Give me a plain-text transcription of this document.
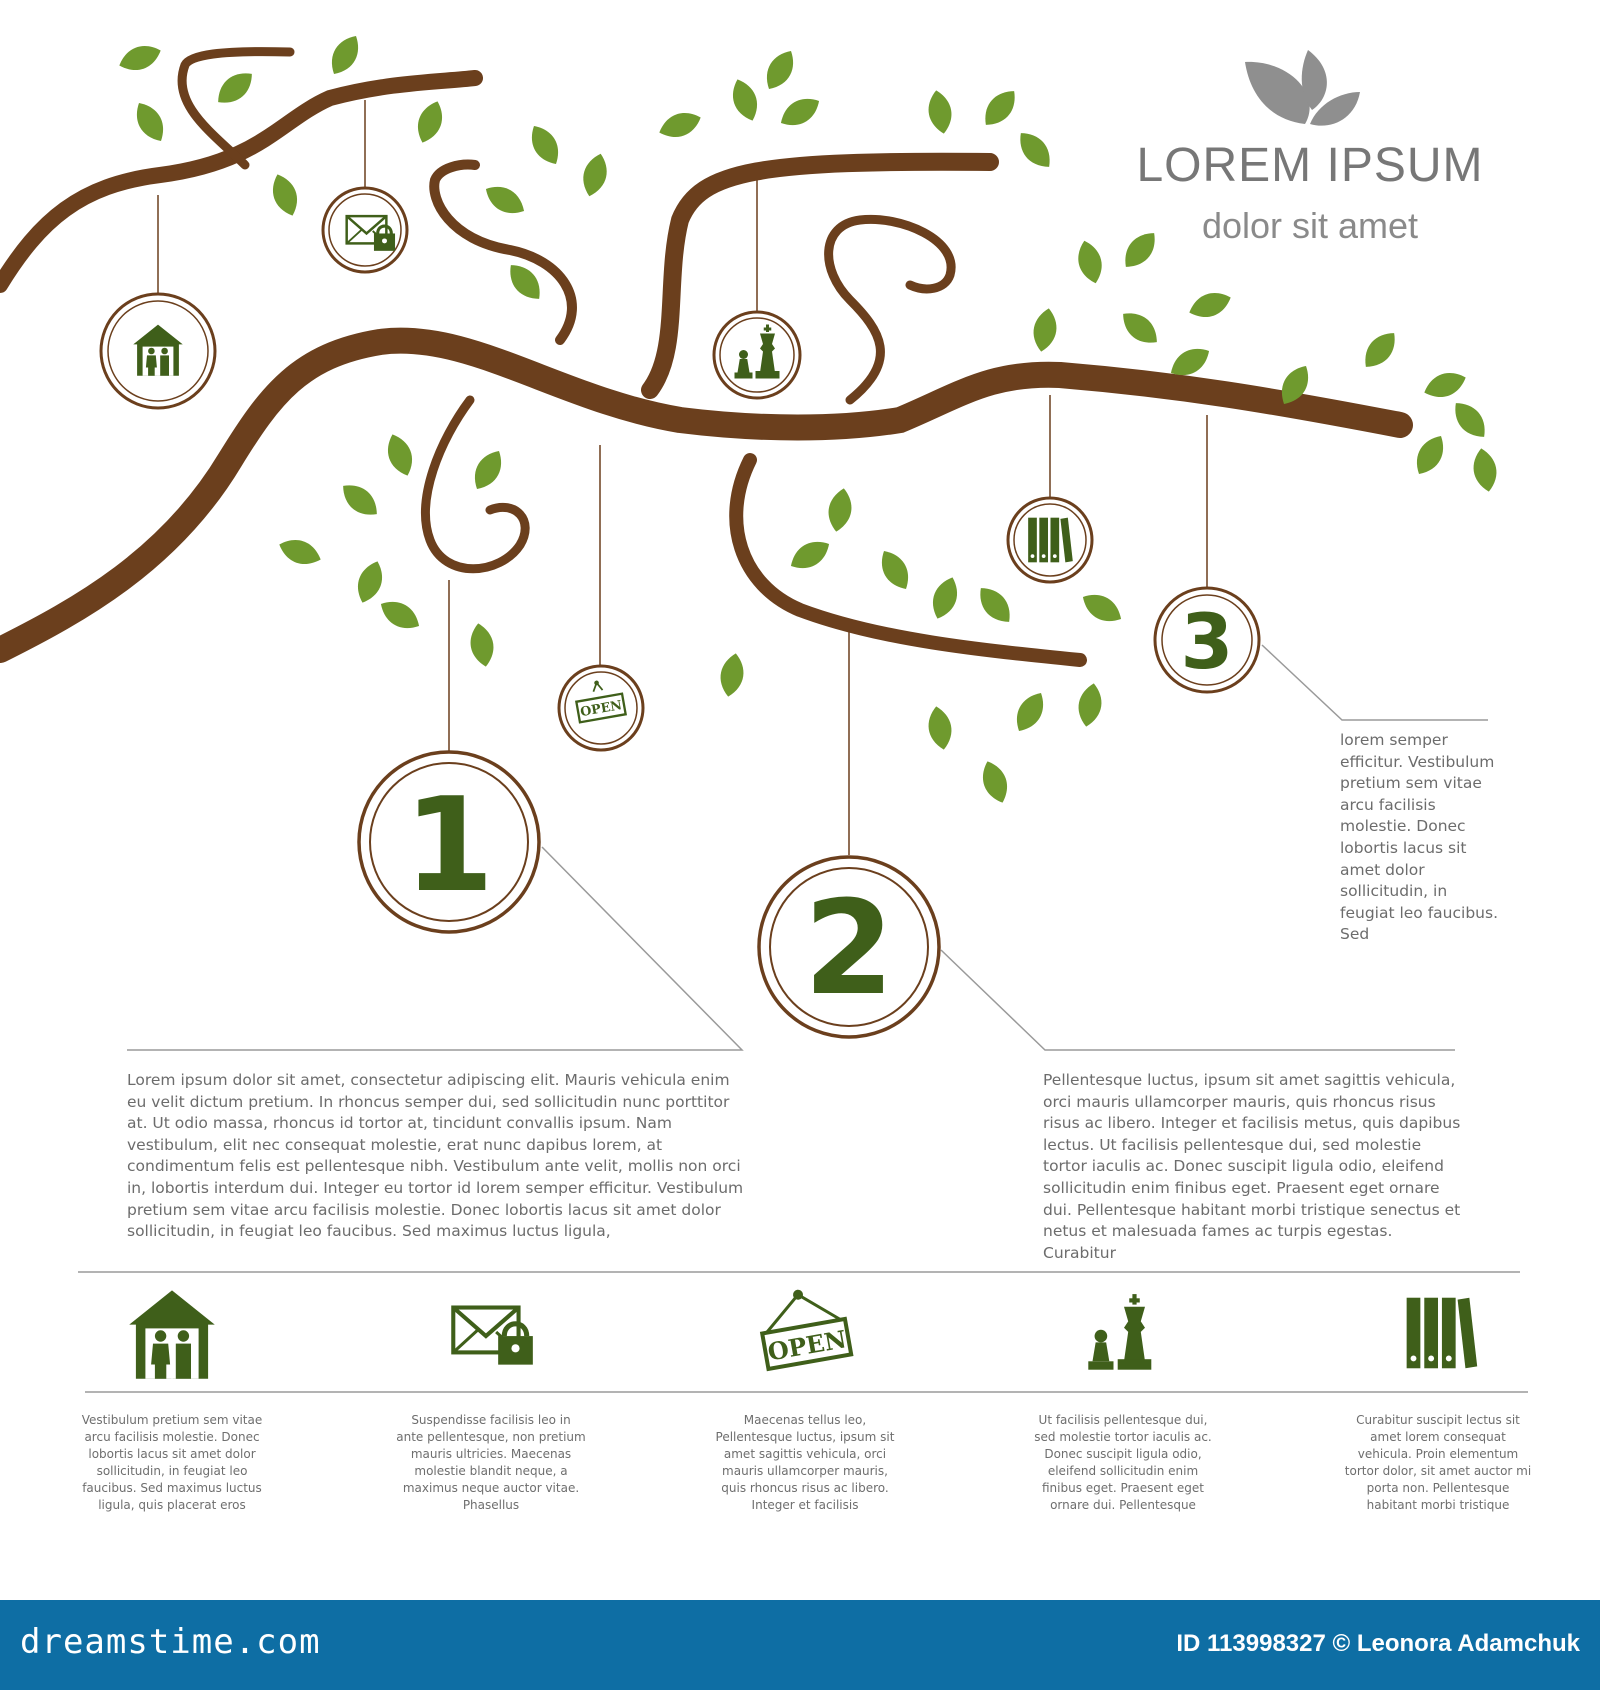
OPEN
1
2
3
OPEN
LOREM IPSUM
dolor sit amet
Lorem ipsum dolor sit amet, consectetur adipiscing elit. Mauris vehicula enim eu velit dictum pretium. In rhoncus semper dui, sed sollicitudin nunc porttitor at. Ut odio massa, rhoncus id tortor at, tincidunt convallis ipsum. Nam vestibulum, elit nec consequat molestie, erat nunc dapibus lorem, at condimentum felis est pellentesque nibh. Vestibulum ante velit, mollis non orci in, lobortis interdum dui. Integer eu tortor id lorem semper efficitur. Vestibulum pretium sem vitae arcu facilisis molestie. Donec lobortis lacus sit amet dolor sollicitudin, in feugiat leo faucibus. Sed maximus luctus ligula,
Pellentesque luctus, ipsum sit amet sagittis vehicula, orci mauris ullamcorper mauris, quis rhoncus risus risus ac libero. Integer et facilisis metus, quis dapibus lectus. Ut facilisis pellentesque dui, sed molestie tortor iaculis ac. Donec suscipit ligula odio, eleifend sollicitudin enim finibus eget. Praesent eget ornare dui. Pellentesque habitant morbi tristique senectus et netus et malesuada fames ac turpis egestas. Curabitur
lorem semper efficitur. Vestibulum pretium sem vitae arcu facilisis molestie. Donec lobortis lacus sit amet dolor sollicitudin, in feugiat leo faucibus. Sed
Vestibulum pretium sem vitae arcu facilisis molestie. Donec lobortis lacus sit amet dolor sollicitudin, in feugiat leo faucibus. Sed maximus luctus ligula, quis placerat eros
Suspendisse facilisis leo in ante pellentesque, non pretium mauris ultricies. Maecenas molestie blandit neque, a maximus neque auctor vitae. Phasellus
Maecenas tellus leo, Pellentesque luctus, ipsum sit amet sagittis vehicula, orci mauris ullamcorper mauris, quis rhoncus risus ac libero. Integer et facilisis
Ut facilisis pellentesque dui, sed molestie tortor iaculis ac. Donec suscipit ligula odio, eleifend sollicitudin enim finibus eget. Praesent eget ornare dui. Pellentesque
Curabitur suscipit lectus sit amet lorem consequat vehicula. Proin elementum tortor dolor, sit amet auctor mi porta non. Pellentesque habitant morbi tristique
dreamstime.com	ID 113998327 © Leonora Adamchuk
